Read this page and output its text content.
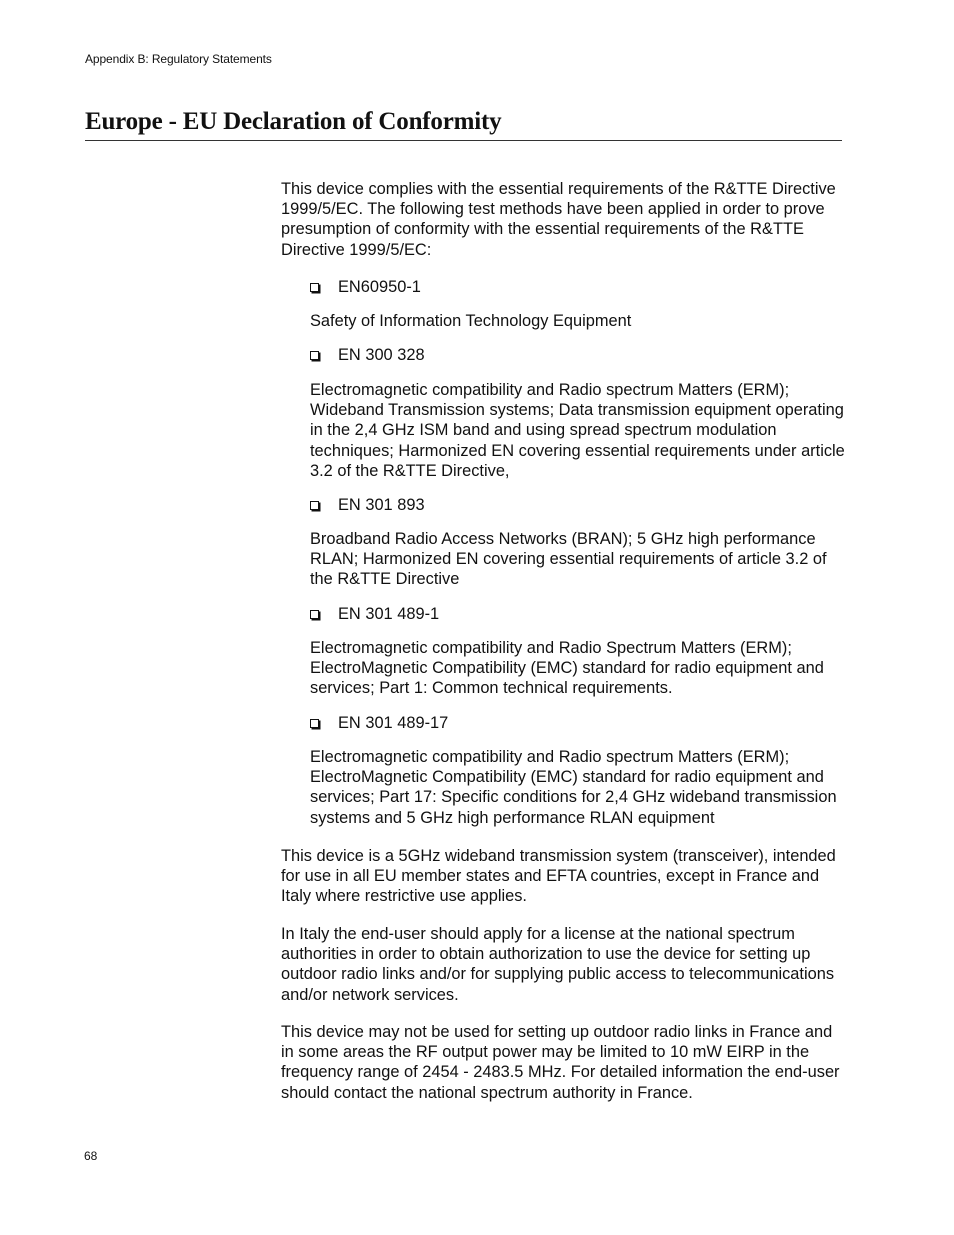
Appendix B: Regulatory Statements
Europe - EU Declaration of Conformity

This device complies with the essential requirements of the R&TTE Directive 1999/5/EC. The following test methods have been applied in order to prove presumption of conformity with the essential requirements of the R&TTE Directive 1999/5/EC:

EN60950-1

Safety of Information Technology Equipment

EN 300 328

Electromagnetic compatibility and Radio spectrum Matters (ERM); Wideband Transmission systems; Data transmission equipment operating in the 2,4 GHz ISM band and using spread spectrum modulation techniques; Harmonized EN covering essential requirements under article 3.2 of the R&TTE Directive,

EN 301 893

Broadband Radio Access Networks (BRAN); 5 GHz high performance RLAN; Harmonized EN covering essential requirements of article 3.2 of the R&TTE Directive

EN 301 489-1

Electromagnetic compatibility and Radio Spectrum Matters (ERM); ElectroMagnetic Compatibility (EMC) standard for radio equipment and services; Part 1: Common technical requirements.

EN 301 489-17

Electromagnetic compatibility and Radio spectrum Matters (ERM); ElectroMagnetic Compatibility (EMC) standard for radio equipment and services; Part 17: Specific conditions for 2,4 GHz wideband transmission systems and 5 GHz high performance RLAN equipment

This device is a 5GHz wideband transmission system (transceiver), intended for use in all EU member states and EFTA countries, except in France and Italy where restrictive use applies.

In Italy the end-user should apply for a license at the national spectrum authorities in order to obtain authorization to use the device for setting up outdoor radio links and/or for supplying public access to telecommunications and/or network services.

This device may not be used for setting up outdoor radio links in France and in some areas the RF output power may be limited to 10 mW EIRP in the frequency range of 2454 - 2483.5 MHz. For detailed information the end-user should contact the national spectrum authority in France.

68
